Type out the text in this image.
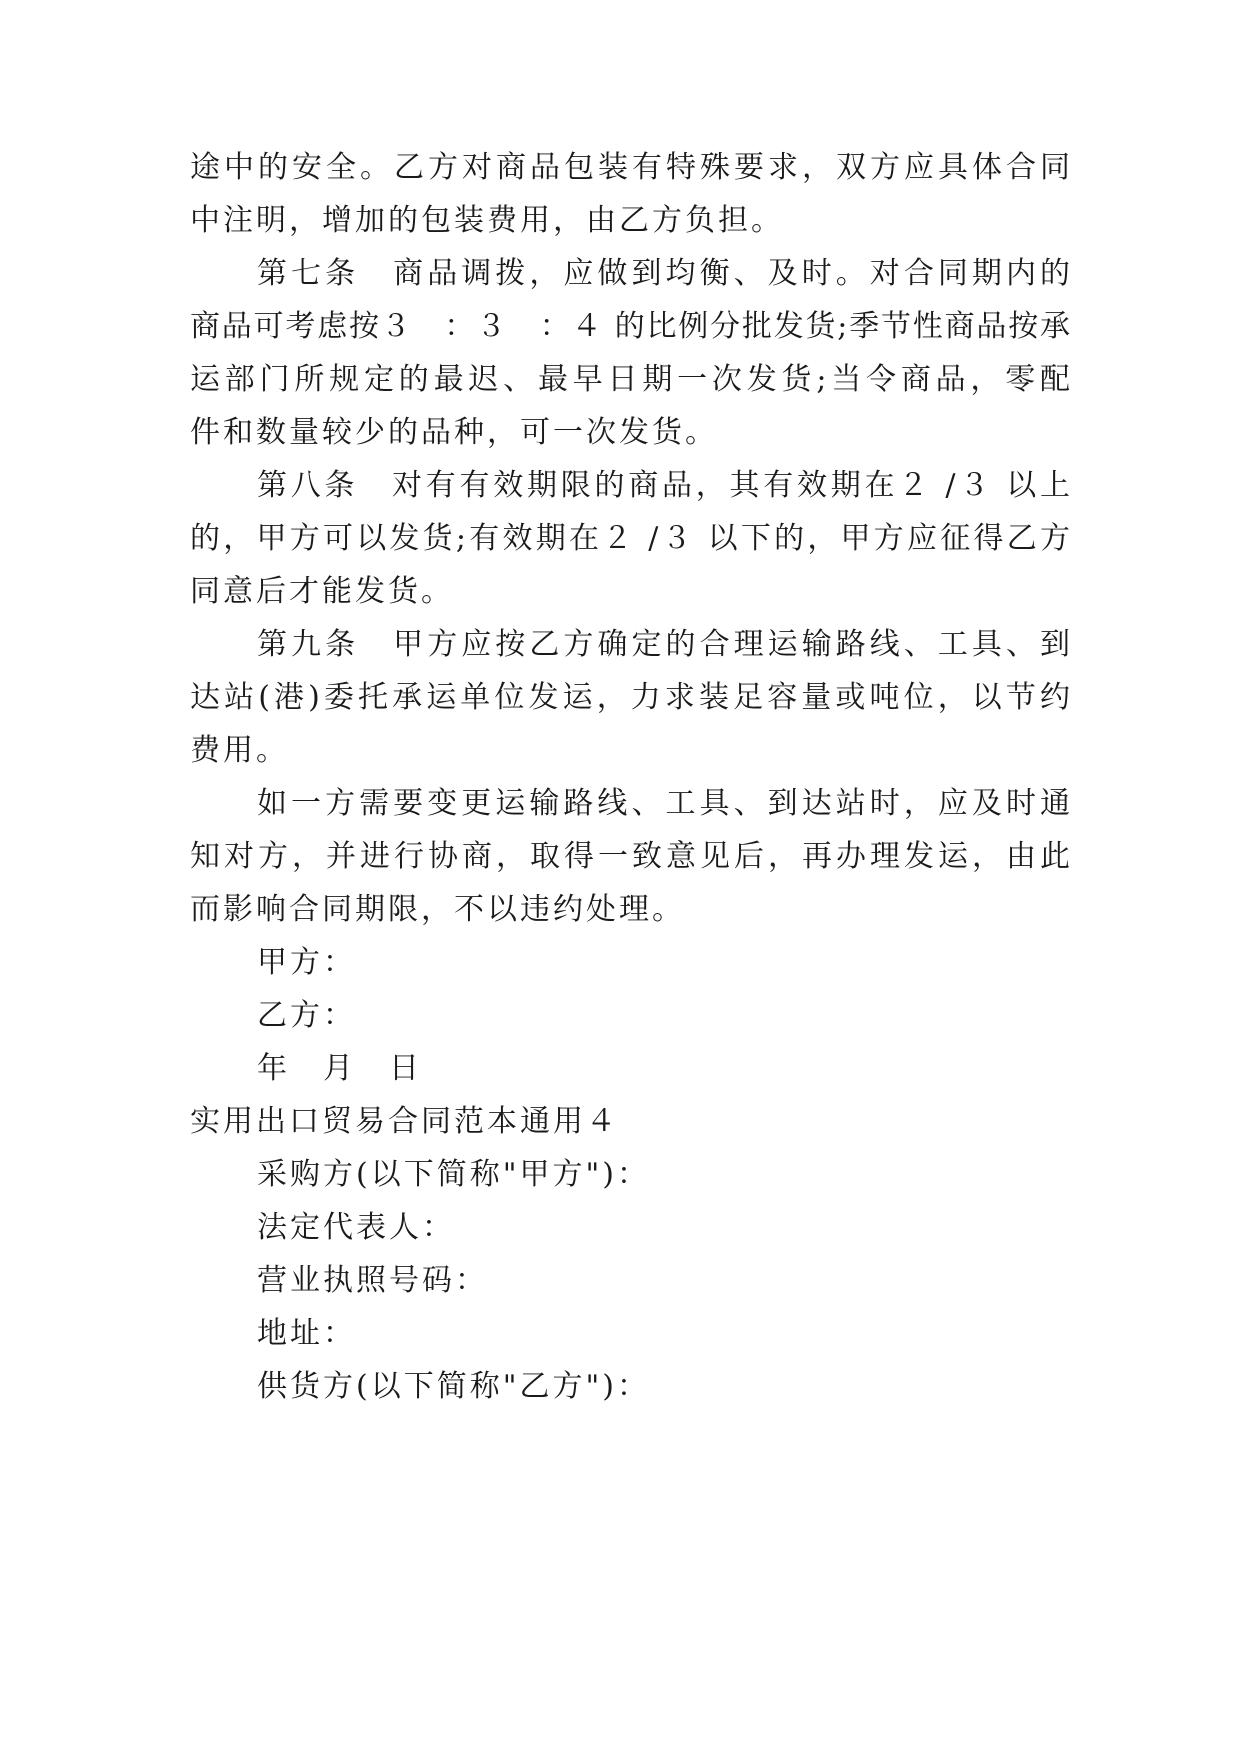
途中的安全。乙方对商品包装有特殊要求，双方应具体合同
中注明，增加的包装费用，由乙方负担。
第七条　商品调拨，应做到均衡、及时。对合同期内的
商品可考虑按３　：３　：４ 的比例分批发货;季节性商品按承
运部门所规定的最迟、最早日期一次发货;当令商品，零配
件和数量较少的品种，可一次发货。
第八条　对有有效期限的商品，其有效期在２ /３ 以上
的，甲方可以发货;有效期在２ /３ 以下的，甲方应征得乙方
同意后才能发货。
第九条　甲方应按乙方确定的合理运输路线、工具、到
达站(港)委托承运单位发运，力求装足容量或吨位，以节约
费用。
如一方需要变更运输路线、工具、到达站时，应及时通
知对方，并进行协商，取得一致意见后，再办理发运，由此
而影响合同期限，不以违约处理。
甲方：
乙方：
年　月　日
实用出口贸易合同范本通用４
采购方(以下简称"甲方")：
法定代表人：
营业执照号码：
地址：
供货方(以下简称"乙方")：
